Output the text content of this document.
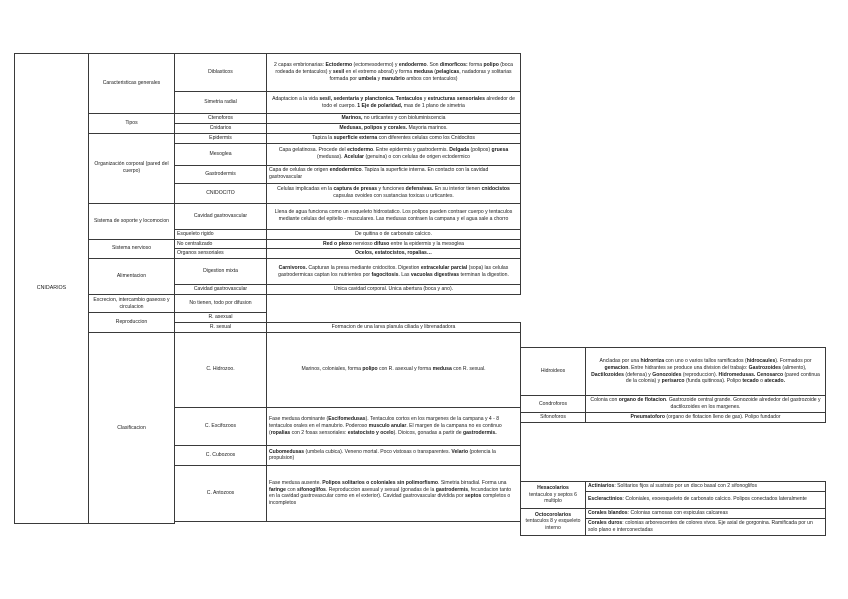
CNIDARIOS	Caracteristicas generales	Diblasticos	2 capas embrionarias: Ectodermo (ectomesodermo) y endodermo. Son dimorficos: forma polipo (boca rodeada de tentaculos) y sesil en el extremo aboral) y forma medusa (pelagicas, nadadoras y solitarias formada por umbela y manubrio ambos con tentaculos)		
		Simetria radial	Adaptacion a la vida sesil, sedentaria y planctonica. Tentaculos y estructuras sensoriales alrededor de todo el cuerpo. 1 Eje de polaridad, mas de 1 plano de simetria		
	Tipos	Ctenoforos	Marinos, no urticantes y con bioluminiscencia		
		Cnidarios	Medusas, polipos y corales. Mayoria marinos.		
	Organización corporal (pared del cuerpo)	Epidermis	Tapiza la superficie externa con diferentes celulas como los Cnidocitos		
		Mesoglea	Capa gelatinosa. Procede del ectodermo. Entre epidermis y gastrodermis. Delgada (polipos) gruesa (medusas). Acelular (genuina) o con celulas de origen ectodermico		
		Gastrodermis	Capa de celulas de origen endodermico. Tapiza la superficie interna. En contacto con la cavidad gastrovascular		
		CNIDOCITO	Celulas implicadas en la captura de presas y funciones defensivas. En su interior tienen cnidocistos capsulas ovoides con sustancias toxicas u urticantes.		
	Sistema de soporte y locomocion	Cavidad gastrovascular	Llena de agua funciona como un esqueleto hidrostatico. Los polipos pueden contraer cuerpo y tentaculos mediante celulas del epitelio - musculares. Las medusas contraen la campana y el agua sale a chorro		
		Esqueleto rigido	De quitina o de carbonato calcico.		
	Sistema nervioso	No centralizado	Red o plexo nervioso difuso entre la epidermis y la mesoglea		
		Organos sensoriales	Ocelos, estatocistos, ropalias…		
	Alimentacion	Digestion mixta	Carnivoros. Capturan la presa mediante cnidocitos. Digestion extracelular parcial (sopa) las celulas gastrodermicas captan los nutrientes por fagocitosis. Las vacuolas digestivas terminan la digestion.		
		Cavidad gastrovascular	Unica cavidad corporal. Unica abertura (boca y ano).		
	Excrecion, intercambio gaseoso y circulacion	No tienen, todo por difusion			
	Reproduccion	R. asexual			
		R. sexual	Formacion de una larva planula ciliada y librenadadora		
	Clasificacion	C. Hidrozoo.	Marinos, coloniales, forma polipo con R. asexual y forma medusa con R. sexual.		
		C. Escifozoos	Fase medusa dominante (Escifomedusas). Tentaculos cortos en los margenes de la campana y 4 - 8 tentaculos orales en el manubrio. Poderoso musculo anular. El margen de la campana no es continuo (ropalias con 2 fosas sensoriales: estatocisto y ocelo). Dioicos, gonadas a partir de gastrodermis.		
		C. Cubozoos	Cubomedusas (umbela cubica). Veneno mortal. Poco vistosas o transparentes. Velario (potencia la propulsion)		
		C. Antozoos	Fase medusa ausente. Polipos solitarios o coloniales sin polimorfismo. Simetria birradial. Forma una faringe con sifonoglifos. Reproduccion asexual y sexual (gonadas de la gastrodermis, fecundacion tanto en la cavidad gastrovascular como en el exterior). Cavidad gastrovascular dividida por septos completos o incompletos		

Hidroideos	Ancladas por una hidrorriza con uno o varios tallos ramificados (hidrocaules). Formados por gemacion. Entre hidrantes se produce una division del trabajo: Gastrozoides (alimento), Dactilozoides (defensa) y Gonozoides (reproduccion). Hidromedusas. Cenosarco (pared continua de la colonia) y perisarco (funda quitinosa). Polipo tecado o atecado.
Condroforos	Colonia con organo de flotacion. Gastrozoide central grande. Gonozoide alrededor del gastrozoide y dactilozoides en los margenes.
Sifonoforos	Pneumatoforo (organo de flotacion lleno de gas). Polipo fundador
Hexacolarios
tentaculos y septos 6 multiplo	Actiniarios: Solitarios fijos al sustrato por un disco basal con 2 sifonoglifos
	Escleractinios: Coloniales, exoesqueleto de carbonato calcico. Polipos conectados lateralmente
Octocorolarios
tentaculos 8 y esqueleto interno	Corales blandos: Colonias carnosas con espiculas calcareas
	Corales duros: colonias arborescentes de colores vivos. Eje axial de gorgonina. Ramificada por un solo plano e interconectadas
